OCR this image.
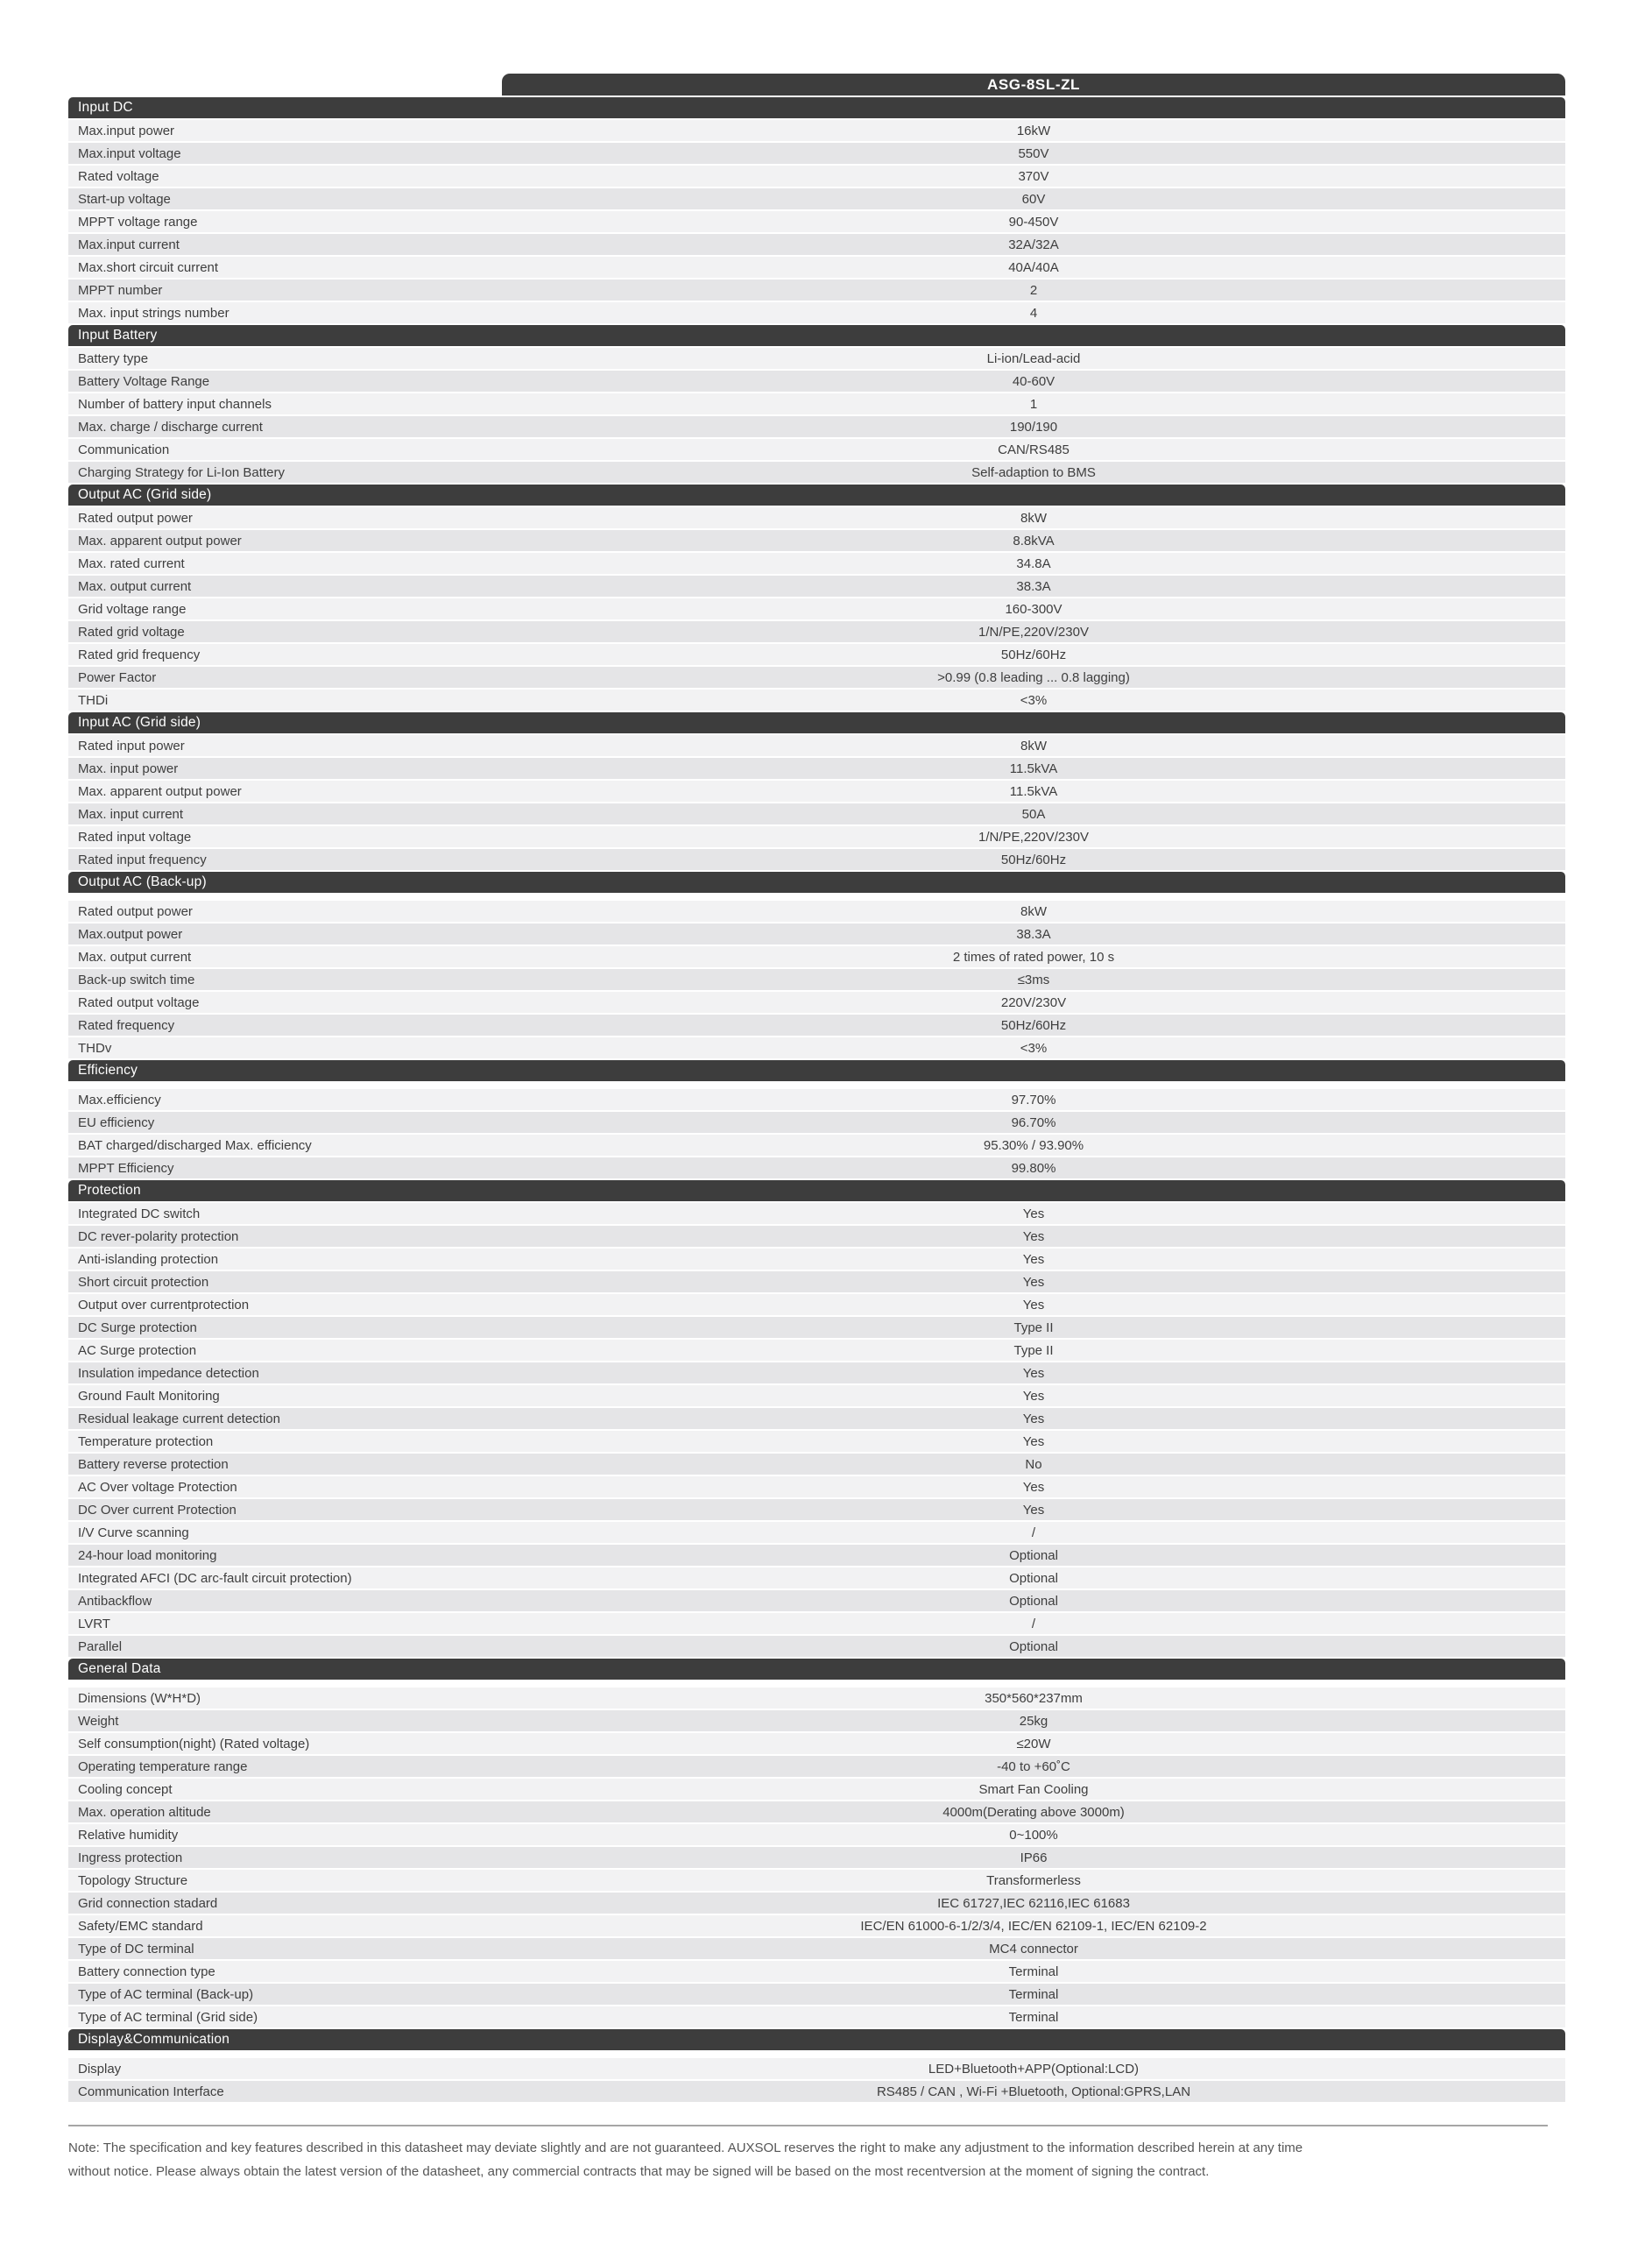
ASG-8SL-ZL
Input DC
Max.input power	16kW
Max.input voltage	550V
Rated voltage	370V
Start-up voltage	60V
MPPT voltage range	90-450V
Max.input current	32A/32A
Max.short circuit current	40A/40A
MPPT number	2
Max. input strings number	4
Input Battery
Battery type	Li-ion/Lead-acid
Battery Voltage Range	40-60V
Number of battery input channels	1
Max. charge / discharge current	190/190
Communication	CAN/RS485
Charging Strategy for Li-Ion Battery	Self-adaption to BMS
Output AC (Grid side)
Rated output power	8kW
Max. apparent output power	8.8kVA
Max. rated current	34.8A
Max. output current	38.3A
Grid voltage range	160-300V
Rated grid voltage	1/N/PE,220V/230V
Rated grid frequency	50Hz/60Hz
Power Factor	>0.99 (0.8 leading ... 0.8 lagging)
THDi	<3%
Input AC (Grid side)
Rated input power	8kW
Max. input power	11.5kVA
Max. apparent output power	11.5kVA
Max. input current	50A
Rated input voltage	1/N/PE,220V/230V
Rated input frequency	50Hz/60Hz
Output AC (Back-up)
Rated output power	8kW
Max.output power	38.3A
Max. output current	2 times of rated power, 10 s
Back-up switch time	≤3ms
Rated output voltage	220V/230V
Rated frequency	50Hz/60Hz
THDv	<3%
Efficiency
Max.efficiency	97.70%
EU efficiency	96.70%
BAT charged/discharged Max. efficiency	95.30% / 93.90%
MPPT Efficiency	99.80%
Protection
Integrated DC switch	Yes
DC rever-polarity protection	Yes
Anti-islanding protection	Yes
Short circuit protection	Yes
Output over currentprotection	Yes
DC Surge protection	Type II
AC Surge protection	Type II
Insulation impedance detection	Yes
Ground Fault Monitoring	Yes
Residual leakage current detection	Yes
Temperature protection	Yes
Battery reverse protection	No
AC Over voltage Protection	Yes
DC Over current Protection	Yes
I/V Curve scanning	/
24-hour load monitoring	Optional
Integrated AFCI (DC arc-fault circuit protection)	Optional
Antibackflow	Optional
LVRT	/
Parallel	Optional
General Data
Dimensions (W*H*D)	350*560*237mm
Weight	25kg
Self consumption(night) (Rated voltage)	≤20W
Operating temperature range	-40 to +60˚C
Cooling concept	Smart Fan Cooling
Max. operation altitude	4000m(Derating above 3000m)
Relative humidity	0~100%
Ingress protection	IP66
Topology Structure	Transformerless
Grid connection stadard	IEC 61727,IEC 62116,IEC 61683
Safety/EMC standard	IEC/EN 61000-6-1/2/3/4, IEC/EN 62109-1, IEC/EN 62109-2
Type of DC terminal	MC4 connector
Battery connection type	Terminal
Type of AC terminal (Back-up)	Terminal
Type of AC terminal (Grid side)	Terminal
Display&Communication
Display	LED+Bluetooth+APP(Optional:LCD)
Communication Interface	RS485 / CAN , Wi-Fi +Bluetooth, Optional:GPRS,LAN
Note: The specification and key features described in this datasheet may deviate slightly and are not guaranteed. AUXSOL reserves the right to make any adjustment to the information described herein at any time
without notice. Please always obtain the latest version of the datasheet, any commercial contracts that may be signed will be based on the most recentversion at the moment of signing the contract.
